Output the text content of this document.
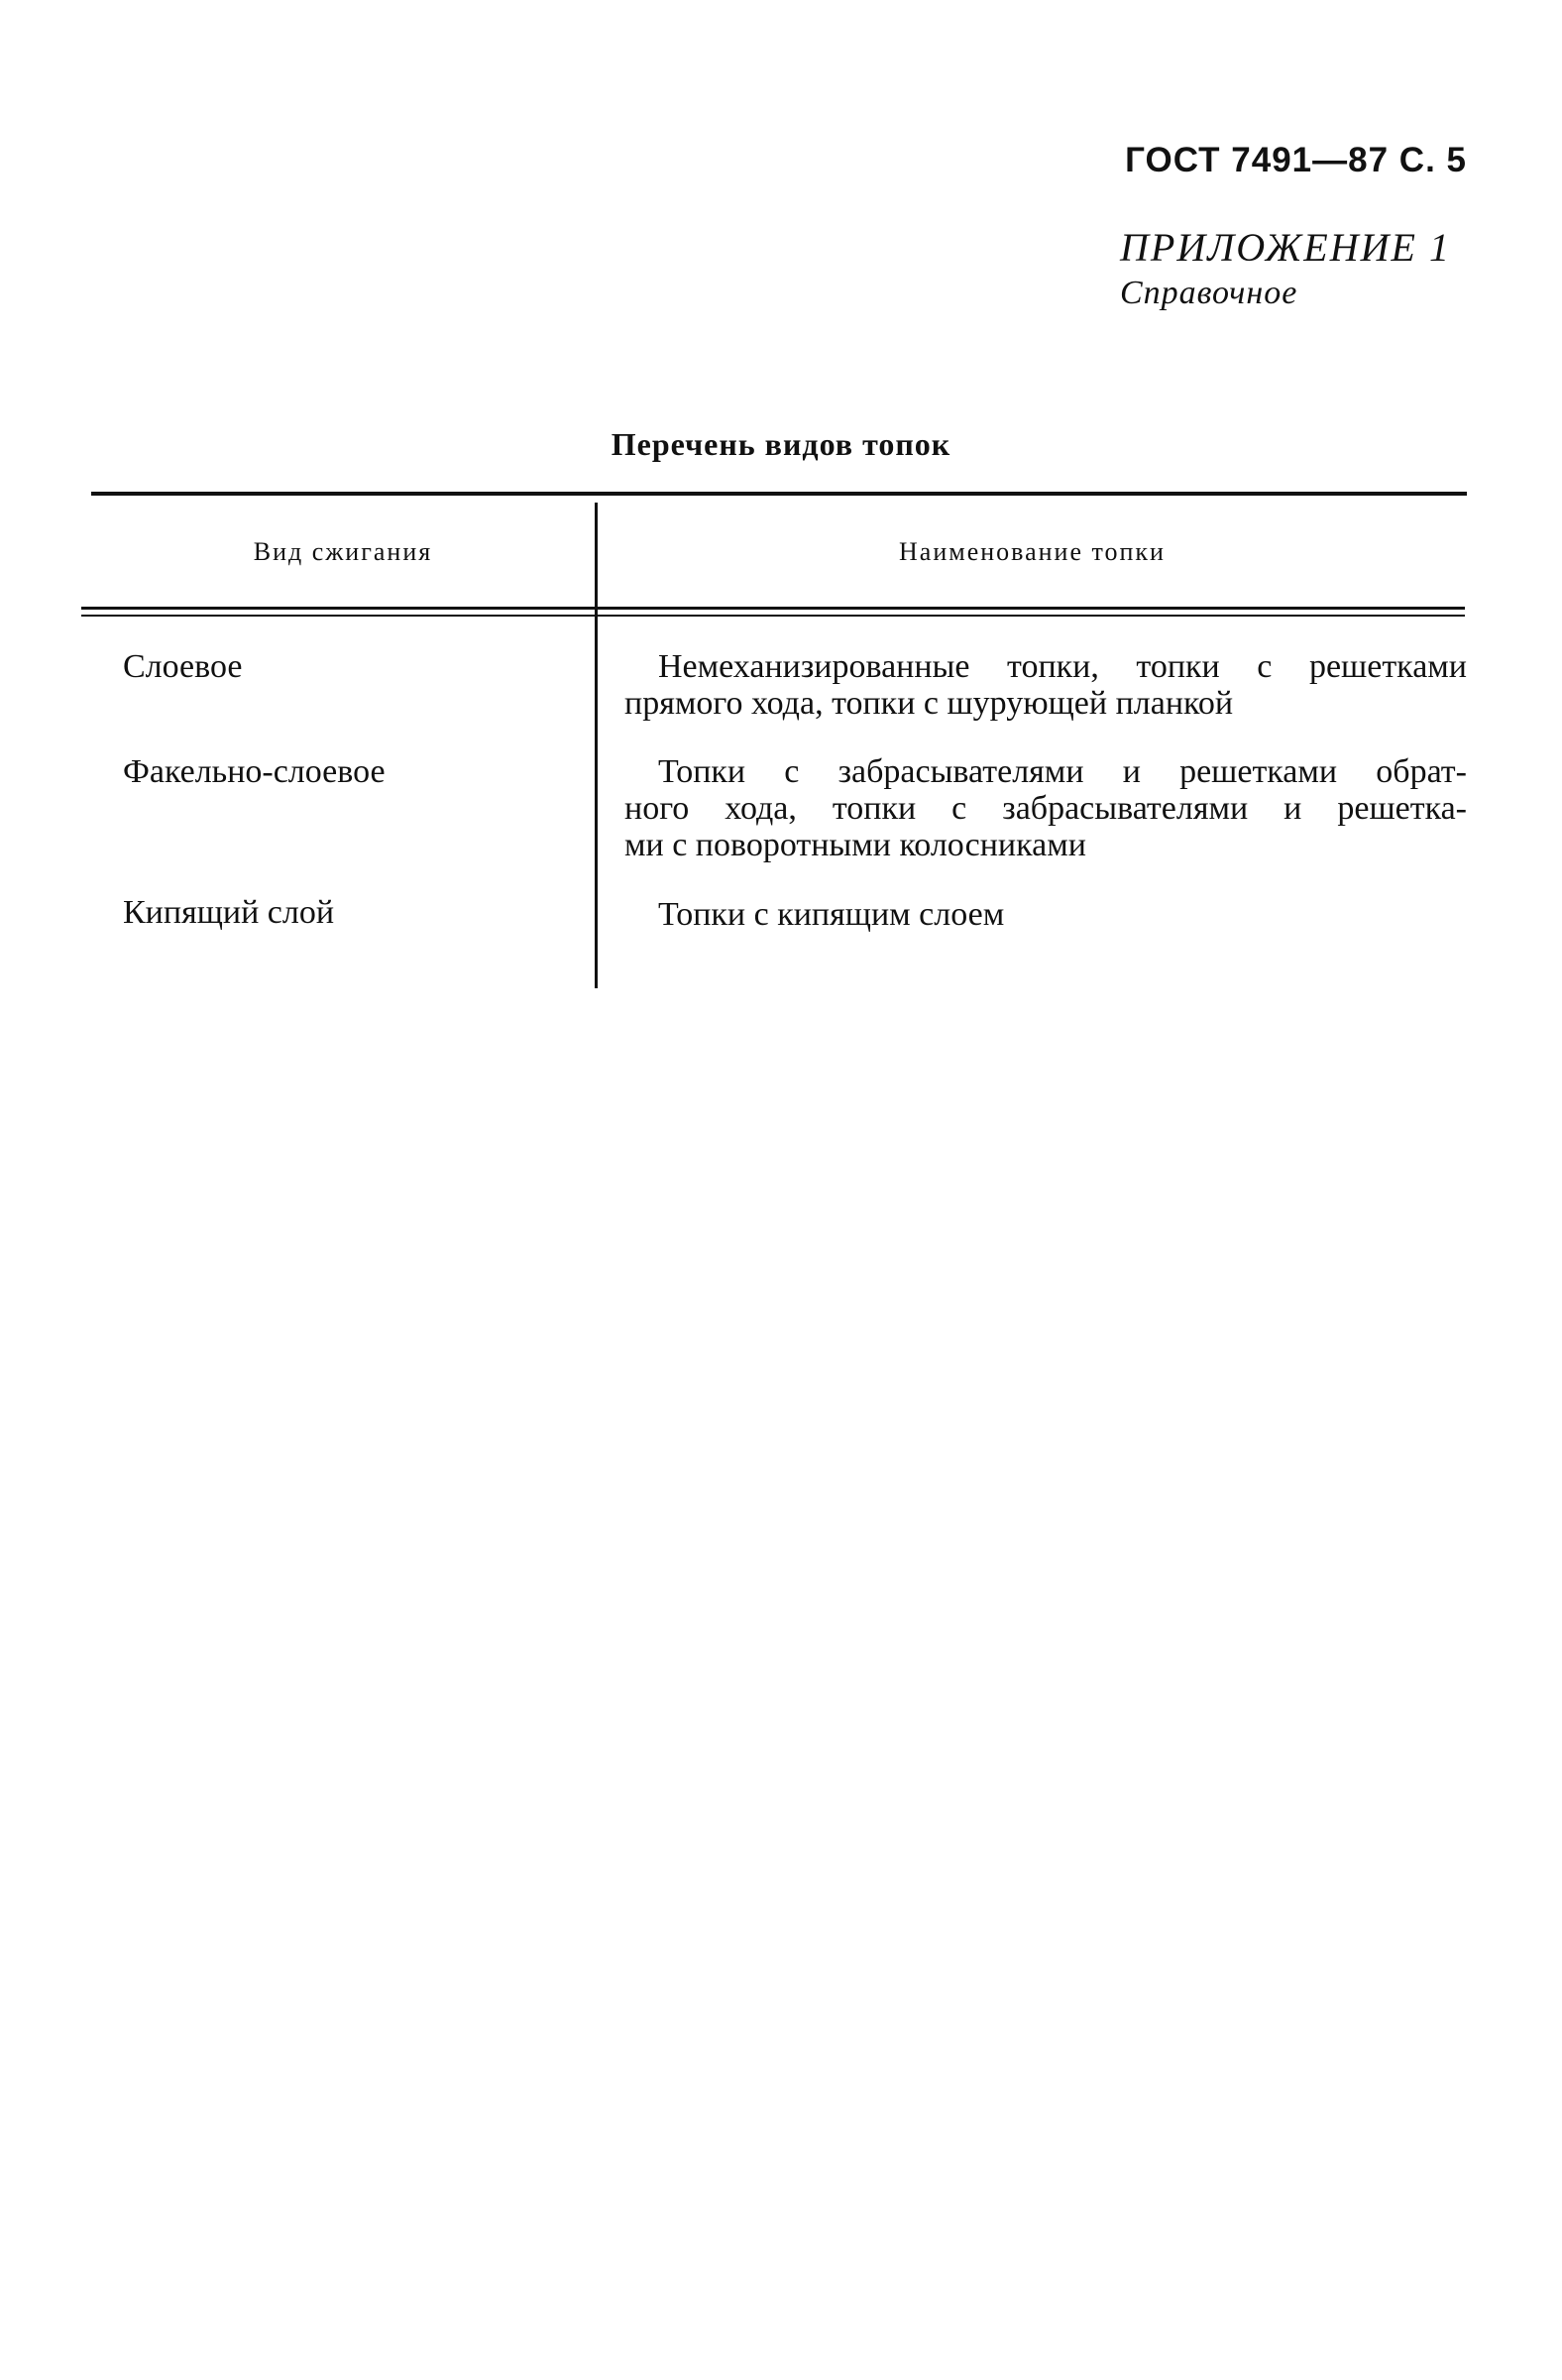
ГОСТ 7491—87 С. 5
ПРИЛОЖЕНИЕ 1
Справочное
Перечень видов топок
Вид сжигания	Наименование топки
Слоевое	Немеханизированные топки, топки с решетками
прямого хода, топки с шурующей планкой
Факельно-слоевое	Топки с забрасывателями и решетками обрат-
ного хода, топки с забрасывателями и решетка-
ми с поворотными колосниками
Кипящий слой	Топки с кипящим слоем
